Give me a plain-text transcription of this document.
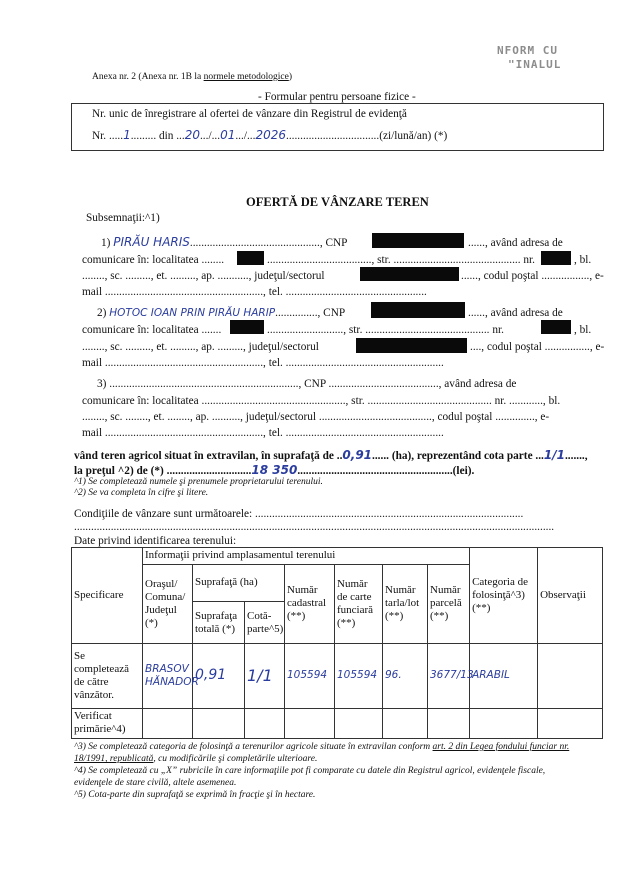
NFORM CU
"INALUL
Anexa nr. 2 (Anexa nr. 1B la normele metodologice)
- Formular pentru persoane fizice -
Nr. unic de înregistrare al ofertei de vânzare din Registrul de evidenţă
Nr. .....1......... din ...20.../...01.../...2026.................................(zi/lună/an) (*)
OFERTĂ DE VÂNZARE TEREN
Subsemnaţii:^1)
1) PIRĂU HARIS.............................................., CNP	......, având adresa de
comunicare în: localitatea ........	....................................., str. ............................................. nr.	, bl.
........, sc. ........., et. ........., ap. ..........., judeţul/sectorul	......, codul poştal ................., e-
mail ........................................................, tel. ..................................................
2) HOTOC IOAN PRIN PIRĂU HARIP..............., CNP	......, având adresa de
comunicare în: localitatea .......	..........................., str. ............................................ nr.	, bl.
........, sc. ........., et. ........., ap. ........., judeţul/sectorul	...., codul poştal ................, e-
mail ........................................................, tel. ........................................................
3) ..................................................................., CNP ......................................., având adresa de
comunicare în: localitatea ..................................................., str. ............................................ nr. ............, bl.
........, sc. ........, et. ........, ap. .........., judeţul/sectorul ........................................, codul poştal .............., e-
mail ........................................................, tel. ........................................................
vând teren agricol situat în extravilan, în suprafaţă de ..0,91...... (ha), reprezentând cota parte ...1/1.......,
la preţul ^2) de (*) ..............................18 350.......................................................(lei).
^1) Se completează numele şi prenumele proprietarului terenului.
^2) Se va completa în cifre şi litere.
Condiţiile de vânzare sunt următoarele: ...............................................................................................
..........................................................................................................................................................................
Date privind identificarea terenului:
Specificare	Informaţii privind amplasamentul terenului							Categoria de folosinţă^3) (**)	Observaţii
	Oraşul/ Comuna/ Judeţul (*)	Suprafaţă (ha)		Număr cadastral (**)	Număr de carte funciară (**)	Număr tarla/lot (**)	Număr parcelă (**)		
		Suprafaţa totală (*)	Cotă-parte^5)						
Se completează de către vânzător.	BRASOV HĂNADOR	0,91	1/1	105594	105594	96.	3677/13	ARABIL	
Verificat primărie^4)									
^3) Se completează categoria de folosinţă a terenurilor agricole situate în extravilan conform art. 2 din Legea fondului funciar nr.
18/1991, republicată, cu modificările şi completările ulterioare.
^4) Se completează cu „X” rubricile în care informaţiile pot fi comparate cu datele din Registrul agricol, evidenţele fiscale,
evidenţele de stare civilă, altele asemenea.
^5) Cota-parte din suprafaţă se exprimă în fracţie şi în hectare.
